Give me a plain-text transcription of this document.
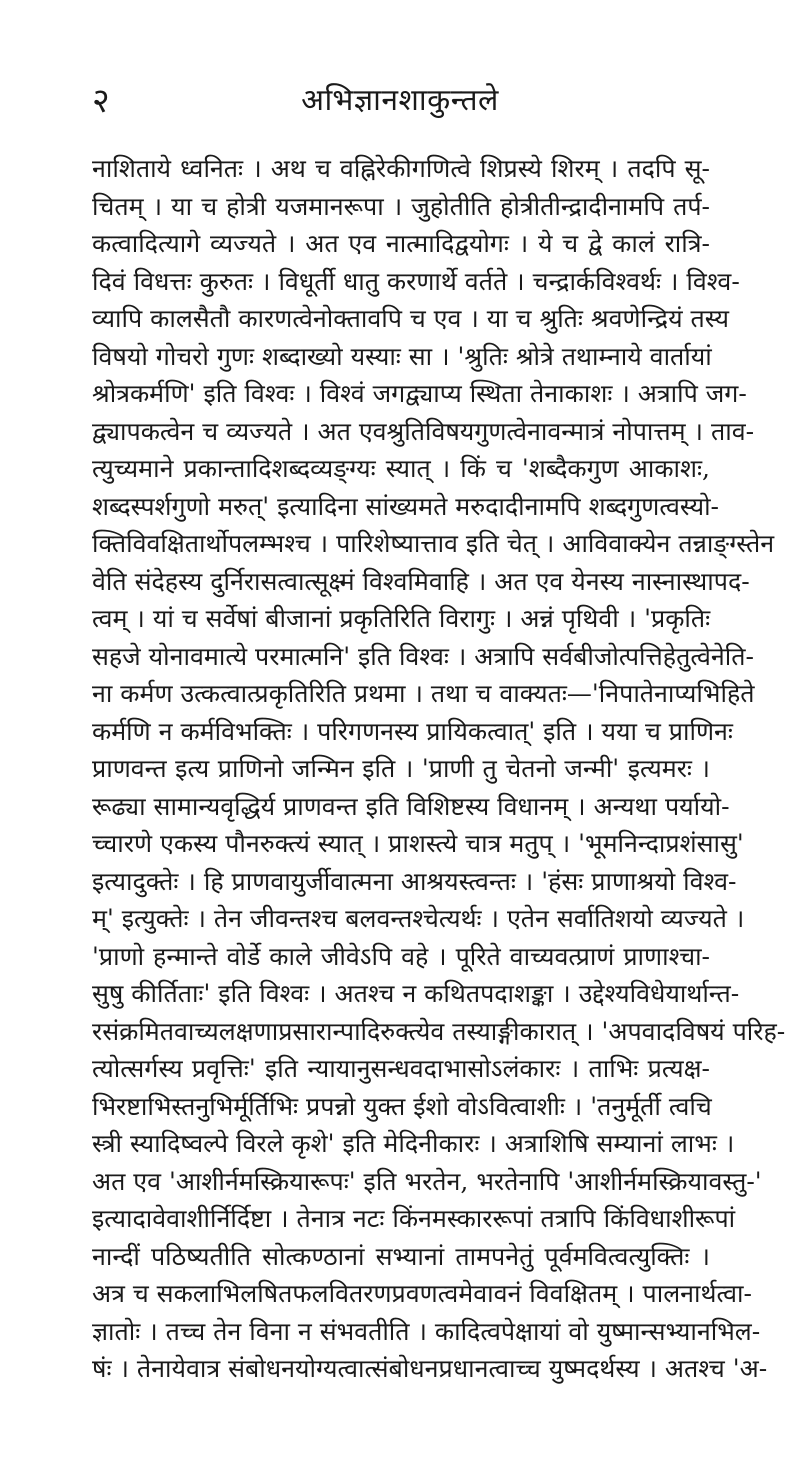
२	अभिज्ञानशाकुन्तले
नाशिताये ध्वनितः । अथ च वह्निरेकीगणित्वे शिप्रस्ये शिरम् । तदपि सू-
चितम् । या च होत्री यजमानरूपा । जुहोतीति होत्रीतीन्द्रादीनामपि तर्प-
कत्वादित्यागे व्यज्यते । अत एव नात्मादिद्वयोगः । ये च द्वे कालं रात्रि-
दिवं विधत्तः कुरुतः । विधूर्ती धातु करणार्थे वर्तते । चन्द्रार्कविश्वर्थः । विश्व-
व्यापि कालसैतौ कारणत्वेनोक्तावपि च एव । या च श्रुतिः श्रवणेन्द्रियं तस्य
विषयो गोचरो गुणः शब्दाख्यो यस्याः सा । 'श्रुतिः श्रोत्रे तथाम्नाये वार्तायां
श्रोत्रकर्मणि' इति विश्वः । विश्वं जगद्व्याप्य स्थिता तेनाकाशः । अत्रापि जग-
द्व्यापकत्वेन च व्यज्यते । अत एवश्रुतिविषयगुणत्वेनावन्मात्रं नोपात्तम् । ताव-
त्युच्यमाने प्रकान्तादिशब्दव्यङ्ग्यः स्यात् । किं च 'शब्दैकगुण आकाशः,
शब्दस्पर्शगुणो मरुत्' इत्यादिना सांख्यमते मरुदादीनामपि शब्दगुणत्वस्यो-
क्तिविवक्षितार्थोपलम्भश्च । पारिशेष्यात्ताव इति चेत् । आविवाक्येन तन्नाङ्ग्स्तेन
वेति संदेहस्य दुर्निरासत्वात्सूक्ष्मं विश्वमिवाहि । अत एव येनस्य नास्नास्थापद-
त्वम् । यां च सर्वेषां बीजानां प्रकृतिरिति विरागुः । अन्नं पृथिवी । 'प्रकृतिः
सहजे योनावमात्ये परमात्मनि' इति विश्वः । अत्रापि सर्वबीजोत्पत्तिहेतुत्वेनेति-
ना कर्मण उत्कत्वात्प्रकृतिरिति प्रथमा । तथा च वाक्यतः—'निपातेनाप्यभिहिते
कर्मणि न कर्मविभक्तिः । परिगणनस्य प्रायिकत्वात्' इति । यया च प्राणिनः
प्राणवन्त इत्य प्राणिनो जन्मिन इति । 'प्राणी तु चेतनो जन्मी' इत्यमरः ।
रूढ्या सामान्यवृद्धिर्य प्राणवन्त इति विशिष्टस्य विधानम् । अन्यथा पर्यायो-
च्चारणे एकस्य पौनरुक्त्यं स्यात् । प्राशस्त्ये चात्र मतुप् । 'भूमनिन्दाप्रशंसासु'
इत्यादुक्तेः । हि प्राणवायुर्जीवात्मना आश्रयस्त्वन्तः । 'हंसः प्राणाश्रयो विश्व-
म्' इत्युक्तेः । तेन जीवन्तश्च बलवन्तश्चेत्यर्थः । एतेन सर्वातिशयो व्यज्यते ।
'प्राणो हन्मान्ते वोर्डे काले जीवेऽपि वहे । पूरिते वाच्यवत्प्राणं प्राणाश्चा-
सुषु कीर्तिताः' इति विश्वः । अतश्च न कथितपदाशङ्का । उद्देश्यविधेयार्थान्त-
रसंक्रमितवाच्यलक्षणाप्रसारान्पादिरुक्त्येव तस्याङ्गीकारात् । 'अपवादविषयं परिह-
त्योत्सर्गस्य प्रवृत्तिः' इति न्यायानुसन्धवदाभासोऽलंकारः । ताभिः प्रत्यक्ष-
भिरष्टाभिस्तनुभिर्मूर्तिभिः प्रपन्नो युक्त ईशो वोऽवित्वाशीः । 'तनुर्मूर्ती त्वचि
स्त्री स्यादिष्वल्पे विरले कृशे' इति मेदिनीकारः । अत्राशिषि सम्यानां लाभः ।
अत एव 'आशीर्नमस्क्रियारूपः' इति भरतेन, भरतेनापि 'आशीर्नमस्क्रियावस्तु-'
इत्यादावेवाशीर्निर्दिष्टा । तेनात्र नटः किंनमस्काररूपां तत्रापि किंविधाशीरूपां
नान्दीं पठिष्यतीति सोत्कण्ठानां सभ्यानां तामपनेतुं पूर्वमवित्वत्युक्तिः ।
अत्र च सकलाभिलषितफलवितरणप्रवणत्वमेवावनं विवक्षितम् । पालनार्थत्वा-
ज्ञातोः । तच्च तेन विना न संभवतीति । कादित्वपेक्षायां वो युष्मान्सभ्यानभिल-
षंः । तेनायेवात्र संबोधनयोग्यत्वात्संबोधनप्रधानत्वाच्च युष्मदर्थस्य । अतश्च 'अ-
